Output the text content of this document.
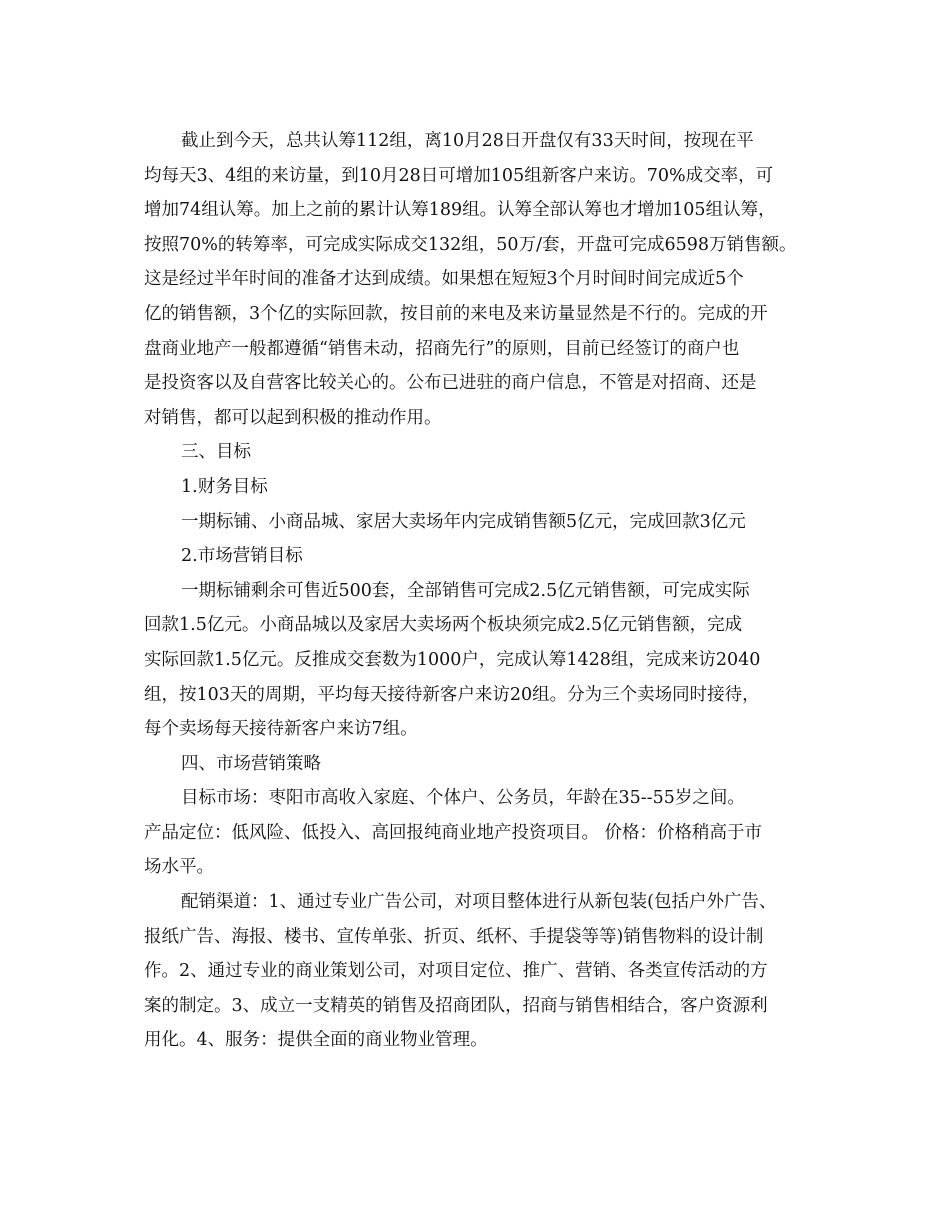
截止到今天，总共认筹112组，离10月28日开盘仅有33天时间，按现在平
均每天3、4组的来访量，到10月28日可增加105组新客户来访。70%成交率，可
增加74组认筹。加上之前的累计认筹189组。认筹全部认筹也才增加105组认筹，
按照70%的转筹率，可完成实际成交132组，50万/套，开盘可完成6598万销售额。
这是经过半年时间的准备才达到成绩。如果想在短短3个月时间时间完成近5个
亿的销售额，3个亿的实际回款，按目前的来电及来访量显然是不行的。完成的开
盘商业地产一般都遵循“销售未动，招商先行”的原则，目前已经签订的商户也
是投资客以及自营客比较关心的。公布已进驻的商户信息，不管是对招商、还是
对销售，都可以起到积极的推动作用。
三、目标
1.财务目标
一期标铺、小商品城、家居大卖场年内完成销售额5亿元，完成回款3亿元
2.市场营销目标
一期标铺剩余可售近500套，全部销售可完成2.5亿元销售额，可完成实际
回款1.5亿元。小商品城以及家居大卖场两个板块须完成2.5亿元销售额，完成
实际回款1.5亿元。反推成交套数为1000户，完成认筹1428组，完成来访2040
组，按103天的周期，平均每天接待新客户来访20组。分为三个卖场同时接待，
每个卖场每天接待新客户来访7组。
四、市场营销策略
目标市场：枣阳市高收入家庭、个体户、公务员，年龄在35--55岁之间。
产品定位：低风险、低投入、高回报纯商业地产投资项目。 价格：价格稍高于市
场水平。
配销渠道：1、通过专业广告公司，对项目整体进行从新包装(包括户外广告、
报纸广告、海报、楼书、宣传单张、折页、纸杯、手提袋等等)销售物料的设计制
作。2、通过专业的商业策划公司，对项目定位、推广、营销、各类宣传活动的方
案的制定。3、成立一支精英的销售及招商团队，招商与销售相结合，客户资源利
用化。4、服务：提供全面的商业物业管理。
